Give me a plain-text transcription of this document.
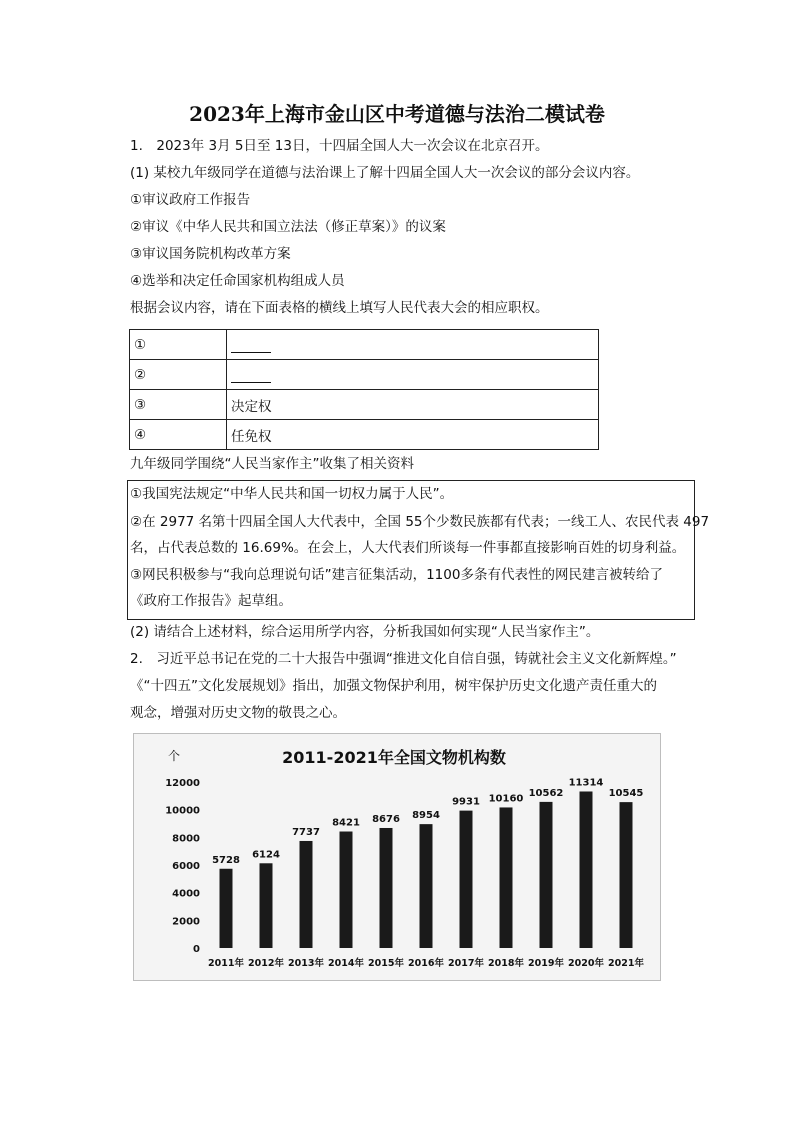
2023年上海市金山区中考道德与法治二模试卷
1.　2023年 3月 5日至 13日，十四届全国人大一次会议在北京召开。
(1) 某校九年级同学在道德与法治课上了解十四届全国人大一次会议的部分会议内容。
①审议政府工作报告
②审议《中华人民共和国立法法（修正草案）》的议案
③审议国务院机构改革方案
④选举和决定任命国家机构组成人员
根据会议内容，请在下面表格的横线上填写人民代表大会的相应职权。
①	
②	
③	决定权
④	任免权
九年级同学围绕“人民当家作主”收集了相关资料
①我国宪法规定“中华人民共和国一切权力属于人民”。
②在 2977 名第十四届全国人大代表中，全国 55个少数民族都有代表；一线工人、农民代表 497
名，占代表总数的 16.69%。在会上，人大代表们所谈每一件事都直接影响百姓的切身利益。
③网民积极参与“我向总理说句话”建言征集活动，1100多条有代表性的网民建言被转给了
《政府工作报告》起草组。
(2) 请结合上述材料，综合运用所学内容，分析我国如何实现“人民当家作主”。
2.　习近平总书记在党的二十大报告中强调“推进文化自信自强，铸就社会主义文化新辉煌。”
《“十四五”文化发展规划》指出，加强文物保护利用，树牢保护历史文化遗产责任重大的
观念，增强对历史文物的敬畏之心。
2011-2021年全国文物机构数
个
0
2000
4000
6000
8000
10000
12000
5728
2011年
6124
2012年
7737
2013年
8421
2014年
8676
2015年
8954
2016年
9931
2017年
10160
2018年
10562
2019年
11314
2020年
10545
2021年
